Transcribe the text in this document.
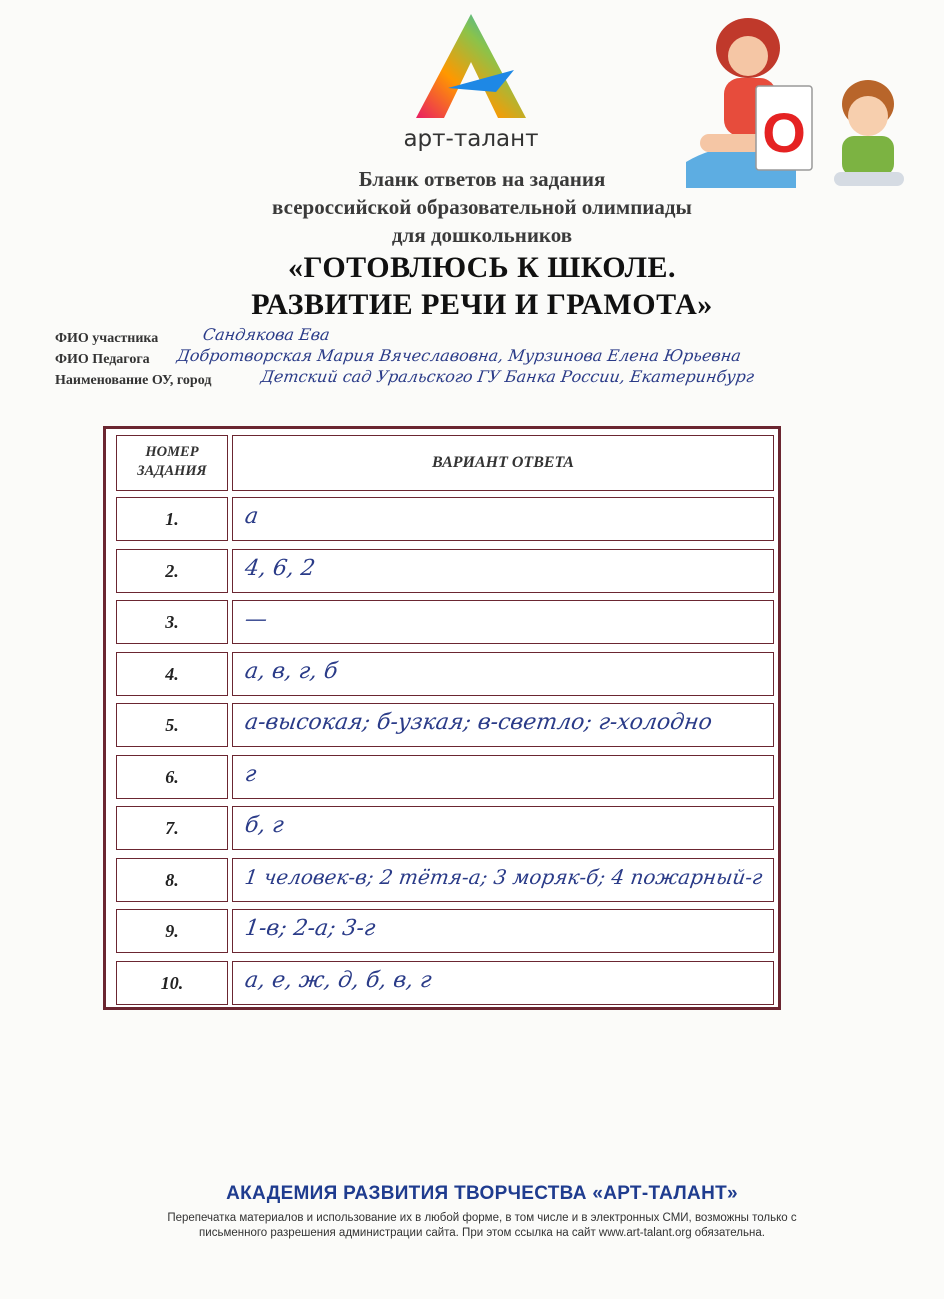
арт-талант	О
Бланк ответов на задания
всероссийской образовательной олимпиады
для дошкольников
«ГОТОВЛЮСЬ К ШКОЛЕ.
РАЗВИТИЕ РЕЧИ И ГРАМОТА»
ФИО участника	Сандякова Ева
ФИО Педагога Добротворская Мария Вячеславовна, Мурзинова Елена Юрьевна
Наименование ОУ, город	Детский сад Уральского ГУ Банка России, Екатеринбург
НОМЕР ЗАДАНИЯ	ВАРИАНТ ОТВЕТА
1.	а
2.	4, 6, 2
3.	—
4.	а, в, г, б
5.	а-высокая; б-узкая; в-светло; г-холодно
6.	г
7.	б, г
8.	1 человек-в; 2 тётя-а; 3 моряк-б; 4 пожарный-г
9.	1-в; 2-а; 3-г
10.	а, е, ж, д, б, в, г
АКАДЕМИЯ РАЗВИТИЯ ТВОРЧЕСТВА «АРТ-ТАЛАНТ»
Перепечатка материалов и использование их в любой форме, в том числе и в электронных СМИ, возможны только с
письменного разрешения администрации сайта. При этом ссылка на сайт www.art-talant.org обязательна.
